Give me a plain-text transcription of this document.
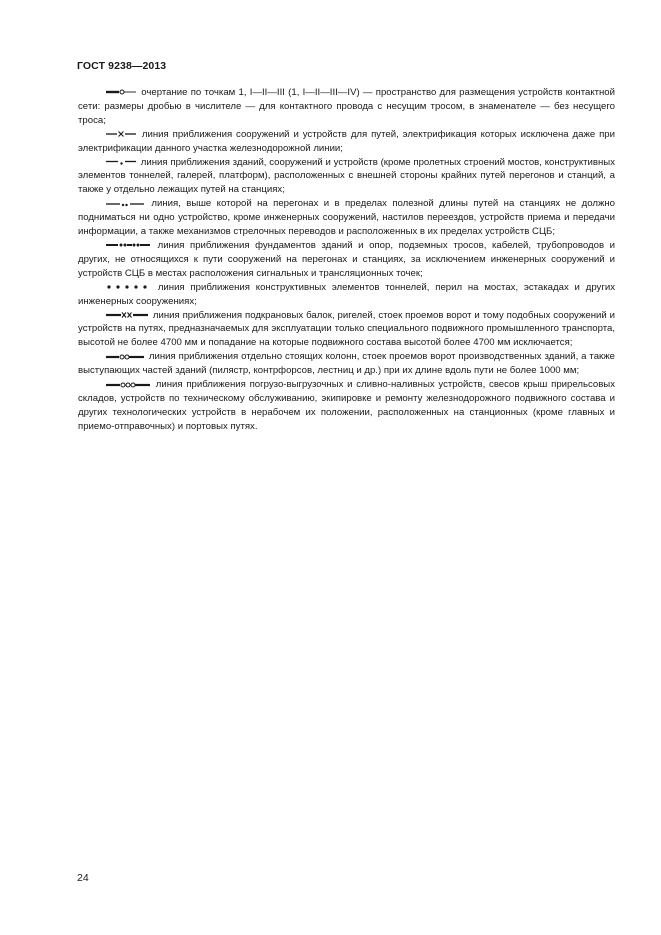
ГОСТ 9238—2013

очертание по точкам 1, I—II—III (1, I—II—III—IV) — пространство для размещения устройств контактной сети: размеры дробью в числителе — для контактного провода с несущим тросом, в знаменателе — без несущего троса;

линия приближения сооружений и устройств для путей, электрификация которых исключена даже при электрификации данного участка железнодорожной линии;

линия приближения зданий, сооружений и устройств (кроме пролетных строений мостов, конструктивных элементов тоннелей, галерей, платформ), расположенных с внешней стороны крайних путей перегонов и станций, а также у отдельно лежащих путей на станциях;

линия, выше которой на перегонах и в пределах полезной длины путей на станциях не должно подниматься ни одно устройство, кроме инженерных сооружений, настилов переездов, устройств приема и передачи информации, а также механизмов стрелочных переводов и расположенных в их пределах устройств СЦБ;

линия приближения фундаментов зданий и опор, подземных тросов, кабелей, трубопроводов и других, не относящихся к пути сооружений на перегонах и станциях, за исключением инженерных сооружений и устройств СЦБ в местах расположения сигнальных и трансляционных точек;

линия приближения конструктивных элементов тоннелей, перил на мостах, эстакадах и других инженерных сооружениях;

линия приближения подкрановых балок, ригелей, стоек проемов ворот и тому подобных сооружений и устройств на путях, предназначаемых для эксплуатации только специального подвижного промышленного транспорта, высотой не более 4700 мм и попадание на которые подвижного состава высотой более 4700 мм исключается;

линия приближения отдельно стоящих колонн, стоек проемов ворот производственных зданий, а также выступающих частей зданий (пилястр, контрфорсов, лестниц и др.) при их длине вдоль пути не более 1000 мм;

линия приближения погрузо-выгрузочных и сливно-наливных устройств, свесов крыш прирельсовых складов, устройств по техническому обслуживанию, экипировке и ремонту железнодорожного подвижного состава и других технологических устройств в нерабочем их положении, расположенных на станционных (кроме главных и приемо-отправочных) и портовых путях.

24
